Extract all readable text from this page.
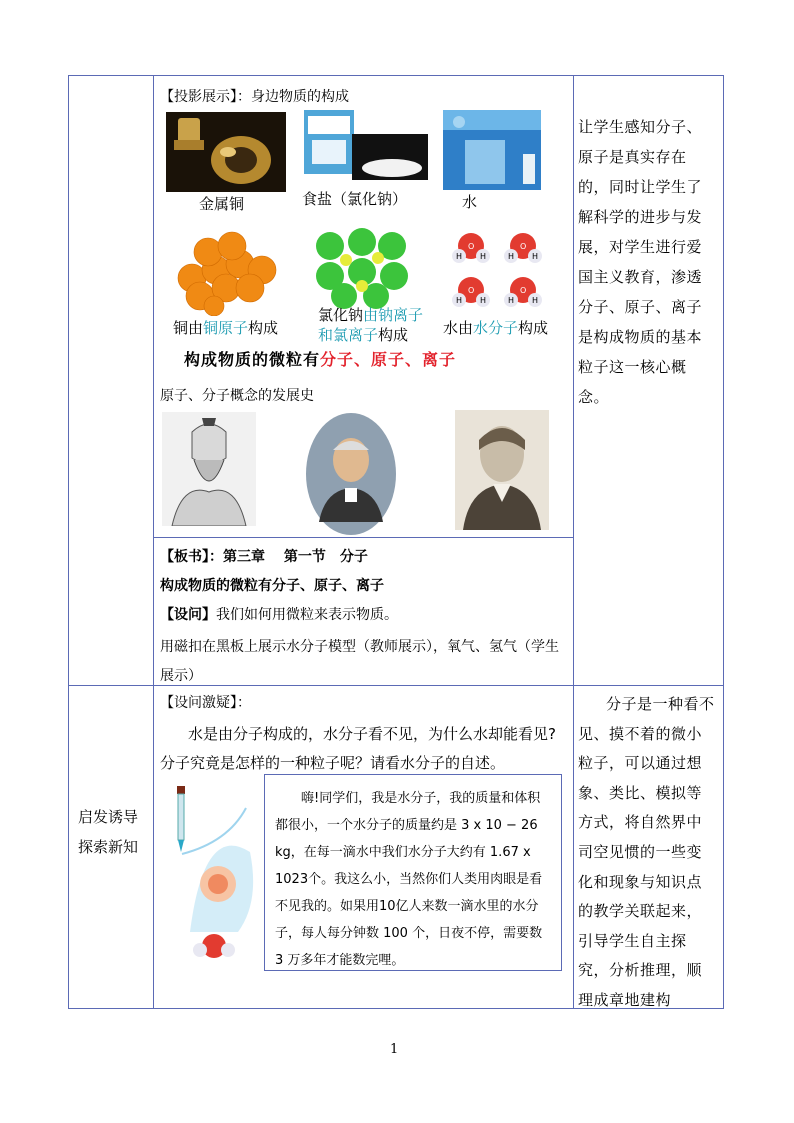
【投影展示】：身边物质的构成
金属铜	食盐（氯化钠）	水
铜由铜原子构成
氯化钠由钠离子
和氯离子构成
O
H H
O
H H
O
H H
O
H H
水由水分子构成
构成物质的微粒有分子、原子、离子
原子、分子概念的发展史
【板书】：第三章　 第一节　分子
构成物质的微粒有分子、原子、离子
【设问】我们如何用微粒来表示物质。
用磁扣在黑板上展示水分子模型（教师展示），氧气、氢气（学生展示）
让学生感知分子、原子是真实存在的，同时让学生了解科学的进步与发展，对学生进行爱国主义教育，渗透分子、原子、离子是构成物质的基本粒子这一核心概念。
启发诱导
探索新知
【设问激疑】：
水是由分子构成的，水分子看不见，为什么水却能看见?分子究竟是怎样的一种粒子呢？请看水分子的自述。
嗨!同学们，我是水分子，我的质量和体积都很小，一个水分子的质量约是 3 x 10 − 26 kg，在每一滴水中我们水分子大约有 1.67 x 1023个。我这么小，当然你们人类用肉眼是看不见我的。如果用10亿人来数一滴水里的水分子，每人每分钟数 100 个，日夜不停，需要数 3 万多年才能数完哩。
分子是一种看不见、摸不着的微小粒子，可以通过想象、类比、模拟等方式，将自然界中司空见惯的一些变化和现象与知识点的教学关联起来，引导学生自主探究，分析推理，顺理成章地建构
1
